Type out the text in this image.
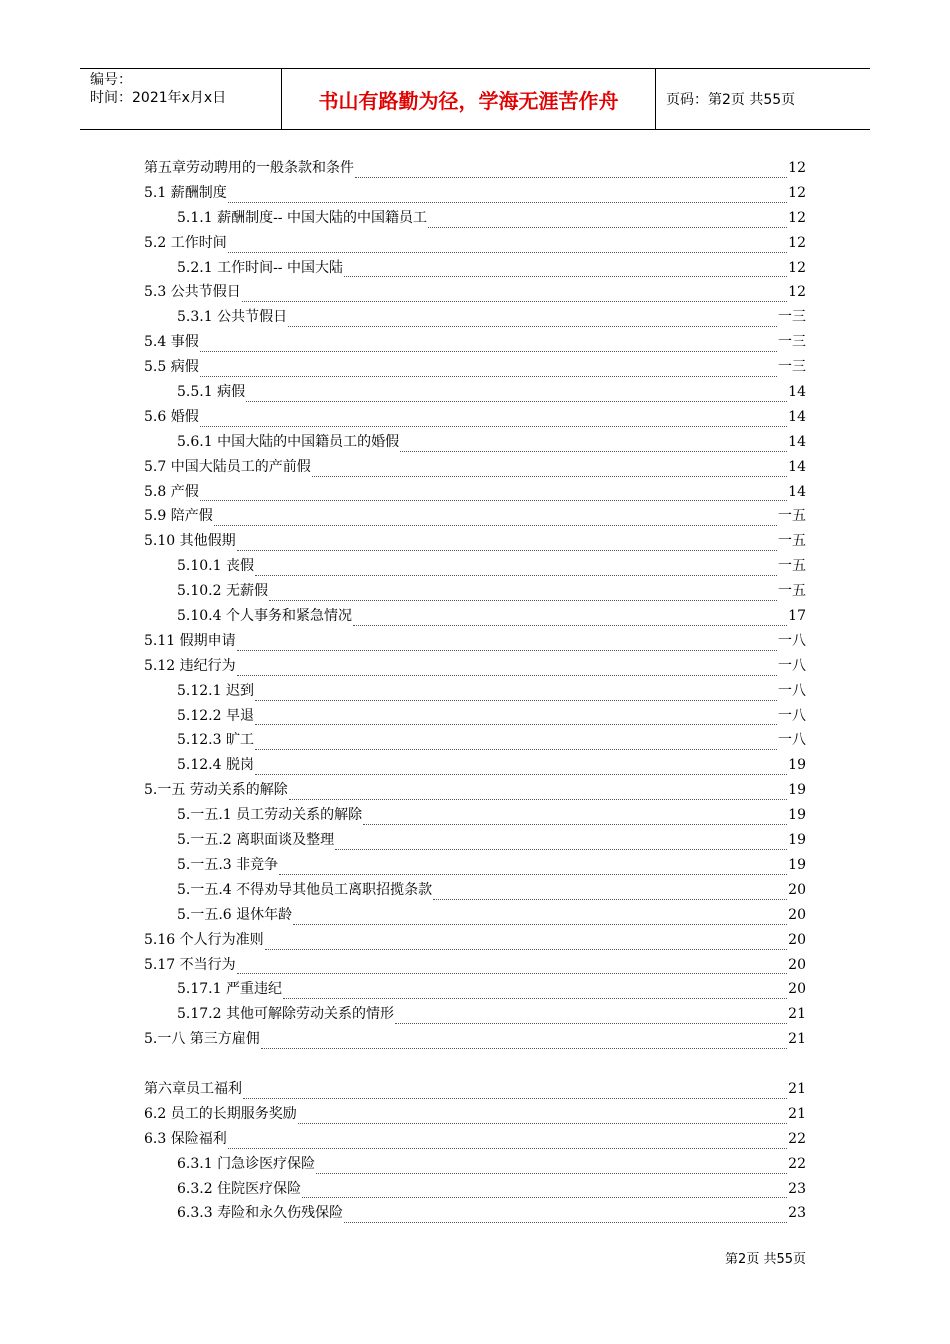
编号：
时间：2021年x月x日	书山有路勤为径，学海无涯苦作舟	页码：第2页 共55页
第五章劳动聘用的一般条款和条件	12
5.1 薪酬制度	12
5.1.1 薪酬制度-- 中国大陆的中国籍员工	12
5.2 工作时间	12
5.2.1 工作时间-- 中国大陆	12
5.3 公共节假日	12
5.3.1 公共节假日	一三
5.4 事假	一三
5.5 病假	一三
5.5.1 病假	14
5.6 婚假	14
5.6.1 中国大陆的中国籍员工的婚假	14
5.7 中国大陆员工的产前假	14
5.8 产假	14
5.9 陪产假	一五
5.10 其他假期	一五
5.10.1 丧假	一五
5.10.2 无薪假	一五
5.10.4 个人事务和紧急情况	17
5.11 假期申请	一八
5.12 违纪行为	一八
5.12.1 迟到	一八
5.12.2 早退	一八
5.12.3 旷工	一八
5.12.4 脱岗	19
5.一五 劳动关系的解除	19
5.一五.1 员工劳动关系的解除	19
5.一五.2 离职面谈及整理	19
5.一五.3 非竞争	19
5.一五.4 不得劝导其他员工离职招揽条款	20
5.一五.6 退休年龄	20
5.16 个人行为准则	20
5.17 不当行为	20
5.17.1 严重违纪	20
5.17.2 其他可解除劳动关系的情形	21
5.一八 第三方雇佣	21
第六章员工福利	21
6.2 员工的长期服务奖励	21
6.3 保险福利	22
6.3.1 门急诊医疗保险	22
6.3.2 住院医疗保险	23
6.3.3 寿险和永久伤残保险	23
第2页 共55页
